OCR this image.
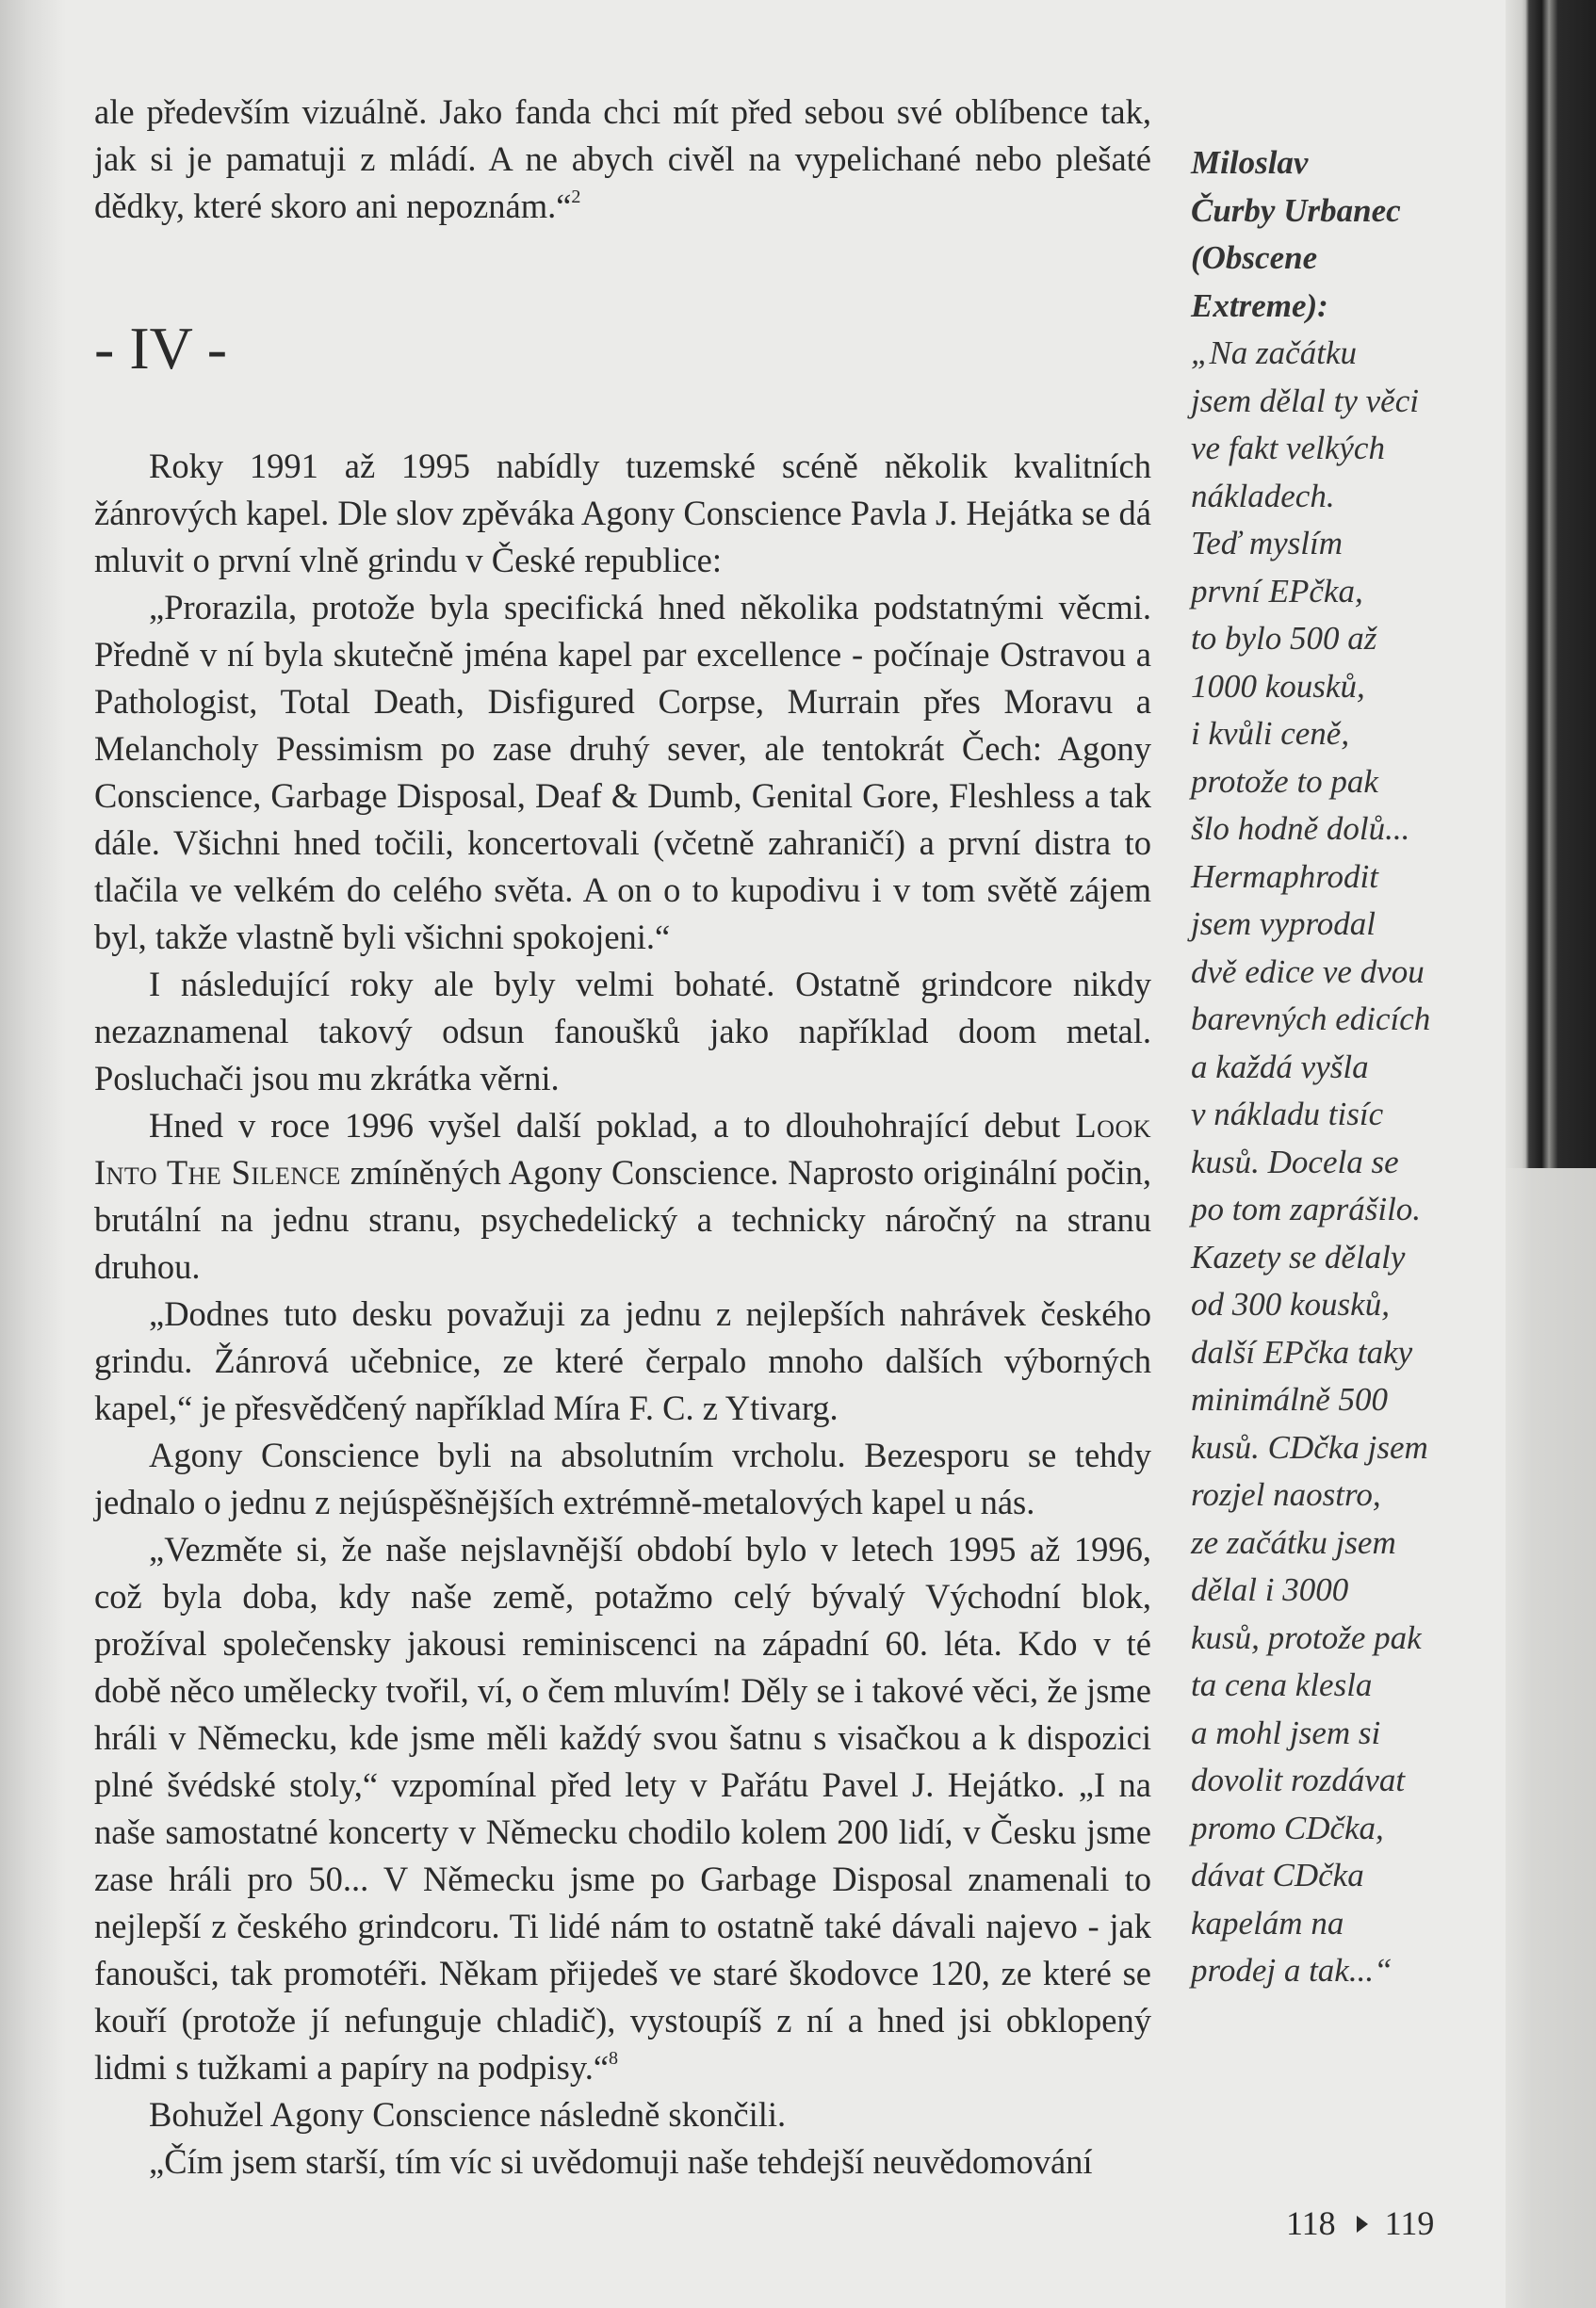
ale především vizuálně. Jako fanda chci mít před sebou své oblíbence tak, jak si je pamatuji z mládí. A ne abych civěl na vypelichané nebo plešaté dědky, které skoro ani nepoznám.“$^2$

- IV -

Roky 1991 až 1995 nabídly tuzemské scéně několik kvalitních žánrových kapel. Dle slov zpěváka Agony Conscience Pavla J. Hejátka se dá mluvit o první vlně grindu v České republice:

„Prorazila, protože byla specifická hned několika podstatnými věcmi. Předně v ní byla skutečně jména kapel par excellence - počínaje Ostravou a Pathologist, Total Death, Disfigured Corpse, Murrain přes Moravu a Melancholy Pessimism po zase druhý sever, ale tentokrát Čech: Agony Conscience, Garbage Disposal, Deaf & Dumb, Genital Gore, Fleshless a tak dále. Všichni hned točili, koncertovali (včetně zahraničí) a první distra to tlačila ve velkém do celého světa. A on o to kupodivu i v tom světě zájem byl, takže vlastně byli všichni spokojeni.“

I následující roky ale byly velmi bohaté. Ostatně grindcore nikdy nezaznamenal takový odsun fanoušků jako například doom metal. Posluchači jsou mu zkrátka věrni.

Hned v roce 1996 vyšel další poklad, a to dlouhohrající debut Look Into The Silence zmíněných Agony Conscience. Naprosto originální počin, brutální na jednu stranu, psychedelický a technicky náročný na stranu druhou.

„Dodnes tuto desku považuji za jednu z nejlepších nahrávek českého grindu. Žánrová učebnice, ze které čerpalo mnoho dalších výborných kapel,“ je přesvědčený například Míra F. C. z Ytivarg.

Agony Conscience byli na absolutním vrcholu. Bezesporu se tehdy jednalo o jednu z nejúspěšnějších extrémně-metalových kapel u nás.

„Vezměte si, že naše nejslavnější období bylo v letech 1995 až 1996, což byla doba, kdy naše země, potažmo celý bývalý Východní blok, prožíval společensky jakousi reminiscenci na západní 60. léta. Kdo v té době něco umělecky tvořil, ví, o čem mluvím! Děly se i takové věci, že jsme hráli v Německu, kde jsme měli každý svou šatnu s visačkou a k dispozici plné švédské stoly,“ vzpomínal před lety v Pařátu Pavel J. Hejátko. „I na naše samostatné koncerty v Německu chodilo kolem 200 lidí, v Česku jsme zase hráli pro 50... V Německu jsme po Garbage Disposal znamenali to nejlepší z českého grindcoru. Ti lidé nám to ostatně také dávali najevo - jak fanoušci, tak promotéři. Někam přijedeš ve staré škodovce 120, ze které se kouří (protože jí nefunguje chladič), vystoupíš z ní a hned jsi obklopený lidmi s tužkami a papíry na podpisy.“$^8$

Bohužel Agony Conscience následně skončili.

„Čím jsem starší, tím víc si uvědomuji naše tehdejší neuvědomování

Miloslav
Čurby Urbanec
(Obscene
Extreme):
„Na začátku
jsem dělal ty věci
ve fakt velkých
nákladech.
Teď myslím
první EPčka,
to bylo 500 až
1000 kousků,
i kvůli ceně,
protože to pak
šlo hodně dolů...
Hermaphrodit
jsem vyprodal
dvě edice ve dvou
barevných edicích
a každá vyšla
v nákladu tisíc
kusů. Docela se
po tom zaprášilo.
Kazety se dělaly
od 300 kousků,
další EPčka taky
minimálně 500
kusů. CDčka jsem
rozjel naostro,
ze začátku jsem
dělal i 3000
kusů, protože pak
ta cena klesla
a mohl jsem si
dovolit rozdávat
promo CDčka,
dávat CDčka
kapelám na
prodej a tak...“
118 119
